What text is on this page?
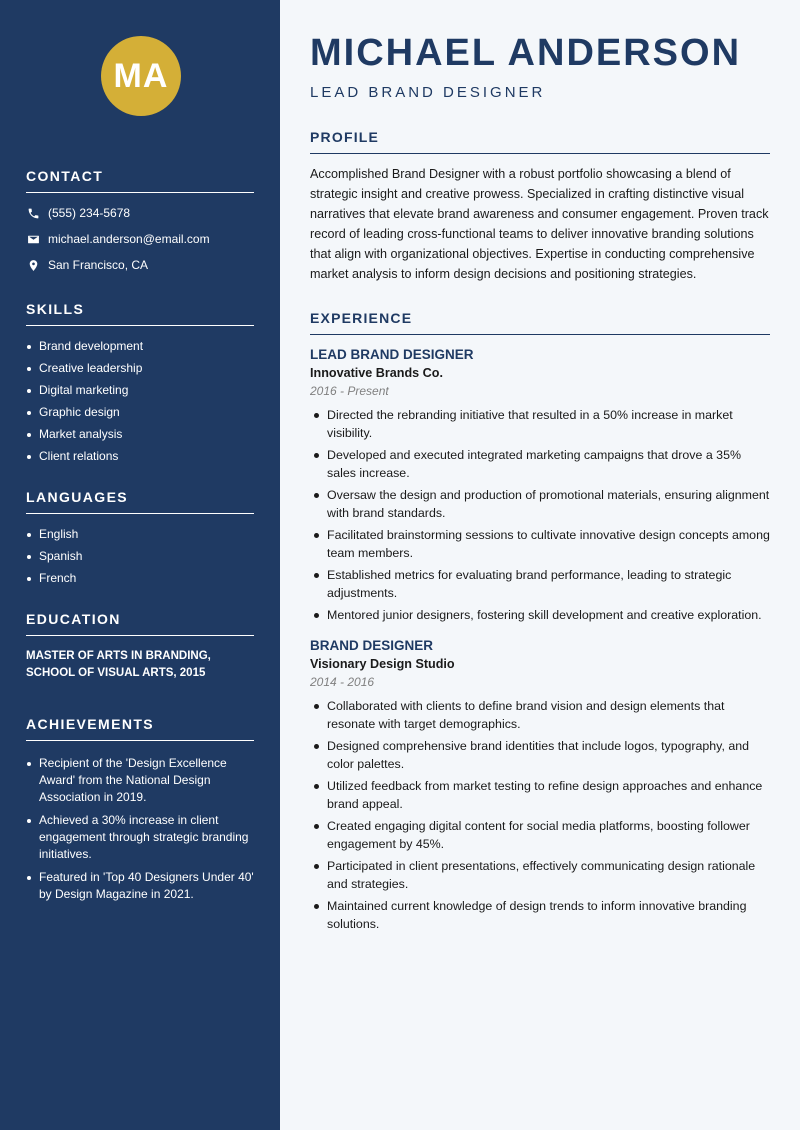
MA
CONTACT
(555) 234-5678
michael.anderson@email.com
San Francisco, CA
SKILLS
Brand development
Creative leadership
Digital marketing
Graphic design
Market analysis
Client relations
LANGUAGES
English
Spanish
French
EDUCATION
MASTER OF ARTS IN BRANDING,
SCHOOL OF VISUAL ARTS, 2015
ACHIEVEMENTS
Recipient of the 'Design Excellence Award' from the National Design Association in 2019.
Achieved a 30% increase in client engagement through strategic branding initiatives.
Featured in 'Top 40 Designers Under 40' by Design Magazine in 2021.
MICHAEL ANDERSON
LEAD BRAND DESIGNER
PROFILE
Accomplished Brand Designer with a robust portfolio showcasing a blend of strategic insight and creative prowess. Specialized in crafting distinctive visual narratives that elevate brand awareness and consumer engagement. Proven track record of leading cross-functional teams to deliver innovative branding solutions that align with organizational objectives. Expertise in conducting comprehensive market analysis to inform design decisions and positioning strategies.
EXPERIENCE
LEAD BRAND DESIGNER
Innovative Brands Co.
2016 - Present
Directed the rebranding initiative that resulted in a 50% increase in market visibility.
Developed and executed integrated marketing campaigns that drove a 35% sales increase.
Oversaw the design and production of promotional materials, ensuring alignment with brand standards.
Facilitated brainstorming sessions to cultivate innovative design concepts among team members.
Established metrics for evaluating brand performance, leading to strategic adjustments.
Mentored junior designers, fostering skill development and creative exploration.
BRAND DESIGNER
Visionary Design Studio
2014 - 2016
Collaborated with clients to define brand vision and design elements that resonate with target demographics.
Designed comprehensive brand identities that include logos, typography, and color palettes.
Utilized feedback from market testing to refine design approaches and enhance brand appeal.
Created engaging digital content for social media platforms, boosting follower engagement by 45%.
Participated in client presentations, effectively communicating design rationale and strategies.
Maintained current knowledge of design trends to inform innovative branding solutions.
